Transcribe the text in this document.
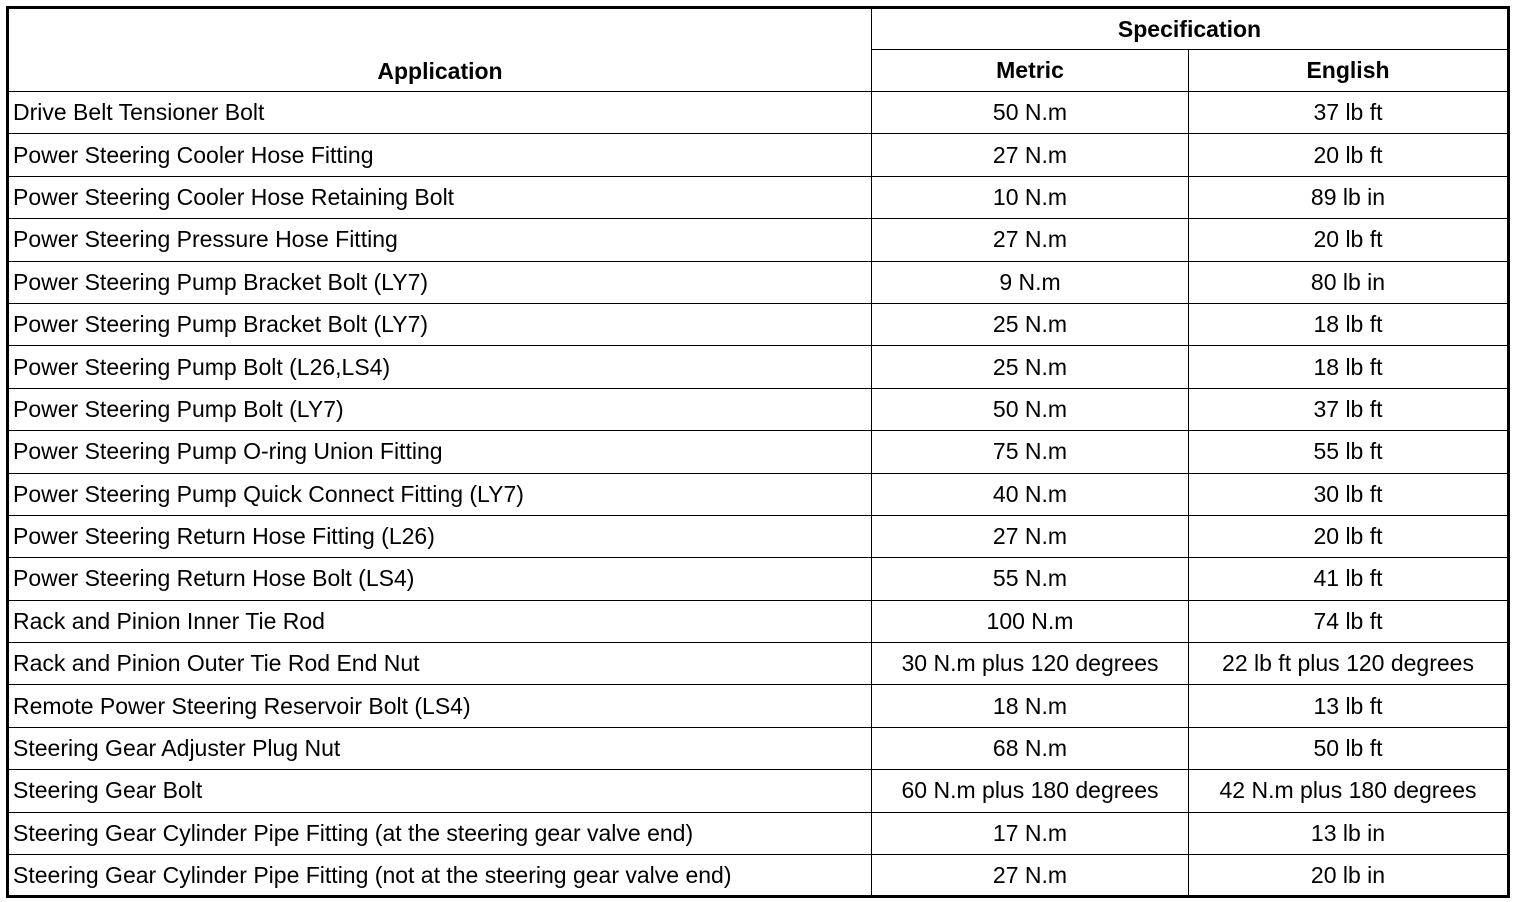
Application	Specification	
	Metric	English
Drive Belt Tensioner Bolt	50 N.m	37 lb ft
Power Steering Cooler Hose Fitting	27 N.m	20 lb ft
Power Steering Cooler Hose Retaining Bolt	10 N.m	89 lb in
Power Steering Pressure Hose Fitting	27 N.m	20 lb ft
Power Steering Pump Bracket Bolt (LY7)	9 N.m	80 lb in
Power Steering Pump Bracket Bolt (LY7)	25 N.m	18 lb ft
Power Steering Pump Bolt (L26,LS4)	25 N.m	18 lb ft
Power Steering Pump Bolt (LY7)	50 N.m	37 lb ft
Power Steering Pump O-ring Union Fitting	75 N.m	55 lb ft
Power Steering Pump Quick Connect Fitting (LY7)	40 N.m	30 lb ft
Power Steering Return Hose Fitting (L26)	27 N.m	20 lb ft
Power Steering Return Hose Bolt (LS4)	55 N.m	41 lb ft
Rack and Pinion Inner Tie Rod	100 N.m	74 lb ft
Rack and Pinion Outer Tie Rod End Nut	30 N.m plus 120 degrees	22 lb ft plus 120 degrees
Remote Power Steering Reservoir Bolt (LS4)	18 N.m	13 lb ft
Steering Gear Adjuster Plug Nut	68 N.m	50 lb ft
Steering Gear Bolt	60 N.m plus 180 degrees	42 N.m plus 180 degrees
Steering Gear Cylinder Pipe Fitting (at the steering gear valve end)	17 N.m	13 lb in
Steering Gear Cylinder Pipe Fitting (not at the steering gear valve end)	27 N.m	20 lb in
